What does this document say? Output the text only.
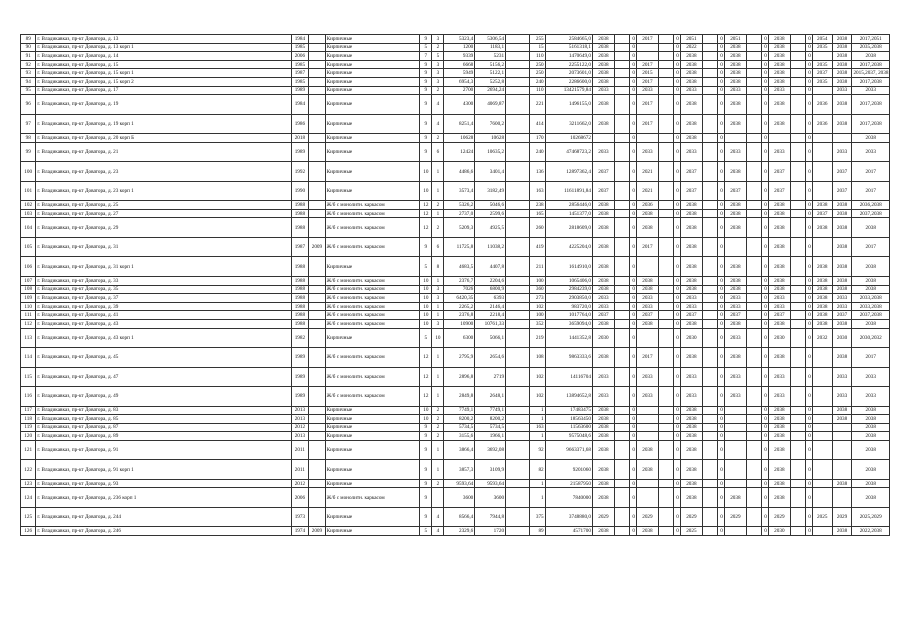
89	г. Владикавказ, пр-кт Доватора, д. 13	1984		Кирпичные	9	3	5323,4	5306,54		255	2584665,0	2038		0	2017		0	2051		0	2051		0	2038		0	2054	2038	2017,2051
90	г. Владикавказ, пр-кт Доватора, д. 13 корп 1	1985		Кирпичные	5	2	1200	1183,1		15	5161318,1	2038		0			0	2022		0	2038		0	2038		0	2035	2038	2035,2038
91	г. Владикавказ, пр-кт Доватора, д. 14	2006		Кирпичные	7	5	9339	5231		110	1470649,0	2038		0			0	2038		0	2038		0	2038		0		2038	2038
92	г. Владикавказ, пр-кт Доватора, д. 15	1985		Кирпичные	9	3	6668	5156,2		250	2255122,0	2038		0	2017		0	2038		0	2038		0	2038		0	2035	2038	2017,2038
93	г. Владикавказ, пр-кт Доватора, д. 15 корп 1	1987		Кирпичные	9	3	5949	5122,1		250	2073601,0	2038		0	2015		0	2038		0	2038		0	2038		0	2037	2038	2015,2037, 2038
94	г. Владикавказ, пр-кт Доватора, д. 15 корп 2	1985		Кирпичные	9	3	6954,3	5252,8		240	2286600,0	2038		0	2017		0	2038		0	2038		0	2038		0	2035	2038	2017,2038
95	г. Владикавказ, пр-кт Доватора, д. 17	1989		Кирпичные	9	2	2700	2694,24		110	13421579,84	2033		0	2033		0	2033		0	2033		0	2033		0		2033	2033
96	г. Владикавказ, пр-кт Доватора, д. 19	1984		Кирпичные	9	4	4300	4069,87		221	1496155,0	2038		0	2017		0	2038		0	2038		0	2038		0	2036	2038	2017,2038
97	г. Владикавказ, пр-кт Доватора, д. 19 корп 1	1986		Кирпичные	9	4	8251,4	7600,2		414	3211662,0	2038		0	2017		0	2038		0	2038		0	2038		0	2036	2038	2017,2038
98	г. Владикавказ, пр-кт Доватора, д. 20 корп Б	2018		Кирпичные	9	2	10628	10628		170	10268672			0			0	2038		0			0			0			2038
99	г. Владикавказ, пр-кт Доватора, д. 21	1989		Кирпичные	9	6	12424	10635,2		240	47468723,2	2033		0	2033		0	2033		0	2033		0	2033		0		2033	2033
100	г. Владикавказ, пр-кт Доватора, д. 23	1992		Кирпичные	10	1	4486,6	3401,4		136	12897362,4	2037		0	2021		0	2037		0	2038		0	2037		0		2037	2017
101	г. Владикавказ, пр-кт Доватора, д. 23 корп 1	1990		Кирпичные	10	1	3573,4	3182,49		163	11611891,84	2037		0	2021		0	2037		0	2037		0	2037		0		2037	2017
102	г. Владикавказ, пр-кт Доватора, д. 25	1988		Ж/б с монолитн. каркасом	12	2	5326,2	5046,6		238	2856446,0	2038		0	2036		0	2038		0	2038		0	2038		0	2038	2038	2036,2038
103	г. Владикавказ, пр-кт Доватора, д. 27	1988		Ж/б с монолитн. каркасом	12	1	2737,0	2599,6		165	1451377,0	2038		0	2038		0	2038		0	2038		0	2038		0	2037	2038	2037,2038
104	г. Владикавказ, пр-кт Доватора, д. 29	1988		Ж/б с монолитн. каркасом	12	2	5209,3	4925,5		260	2818609,0	2038		0	2038		0	2038		0	2038		0	2038		0	2038	2038	2038
105	г. Владикавказ, пр-кт Доватора, д. 31	1987	2009	Ж/б с монолитн. каркасом	9	6	11725,8	11038,2		419	4225204,0	2038		0	2017		0	2038		0			0	2038		0		2038	2017
106	г. Владикавказ, пр-кт Доватора, д. 31 корп 1	1988		Кирпичные	5	8	4683,5	4407,8		211	1614910,0	2038		0			0	2038		0	2038		0	2038		0	2038	2038	2038
107	г. Владикавказ, пр-кт Доватора, д. 33	1988		Ж/б с монолитн. каркасом	10	1	2376,7	2204,6		100	1065406,0	2038		0	2038		0	2038		0	2038		0	2038		0	2038	2038	2038
108	г. Владикавказ, пр-кт Доватора, д. 35	1988		Ж/б с монолитн. каркасом	10	3	7026	6800,9		360	2984239,0	2038		0	2038		0	2038		0	2038		0	2038		0	2038	2038	2038
109	г. Владикавказ, пр-кт Доватора, д. 37	1988		Ж/б с монолитн. каркасом	10	3	6420,35	6393		273	2903850,0	2033		0	2033		0	2033		0	2033		0	2033		0	2038	2033	2033,2038
110	г. Владикавказ, пр-кт Доватора, д. 39	1988		Ж/б с монолитн. каркасом	10	1	2265,2	2146,4		102	983720,0	2033		0	2033		0	2033		0	2033		0	2033		0	2038	2033	2033,2038
111	г. Владикавказ, пр-кт Доватора, д. 41	1988		Ж/б с монолитн. каркасом	10	1	2376,8	2218,4		100	1017764,0	2037		0	2037		0	2037		0	2037		0	2037		0	2038	2037	2037,2038
112	г. Владикавказ, пр-кт Доватора, д. 43	1988		Ж/б с монолитн. каркасом	10	3	10900	10761,33		352	3659094,0	2038		0	2038		0	2038		0	2038		0	2038		0	2038	2038	2038
113	г. Владикавказ, пр-кт Доватора, д. 43 корп 1	1982		Кирпичные	5	10	6300	5066,1		219	1441352,8	2030		0			0	2030		0	2033		0	2030		0	2032	2030	2030,2032
114	г. Владикавказ, пр-кт Доватора, д. 45	1989		Ж/б с монолитн. каркасом	12	1	2795,9	2654,6		108	9863333,6	2038		0	2017		0	2038		0	2038		0	2038		0		2038	2017
115	г. Владикавказ, пр-кт Доватора, д. 47	1989		Ж/б с монолитн. каркасом	12	1	2896,8	2719		102	14116704	2033		0	2033		0	2033		0	2033		0	2033		0		2033	2033
116	г. Владикавказ, пр-кт Доватора, д. 49	1989		Ж/б с монолитн. каркасом	12	1	2849,8	2648,1		102	13894652,8	2033		0	2033		0	2033		0	2033		0	2033		0		2033	2033
117	г. Владикавказ, пр-кт Доватора, д. 83	2013		Кирпичные	10	2	7749,1	7749,1		1	17483475	2038		0			0	2038		0			0	2038		0		2038	2038
118	г. Владикавказ, пр-кт Доватора, д. 85	2013		Кирпичные	10	2	8200,2	8200,2		1	18563450	2038		0			0	2038		0			0	2038		0		2038	2038
119	г. Владикавказ, пр-кт Доватора, д. 87	2012		Кирпичные	9	2	5734,5	5734,5		163	11563600	2038		0			0	2038		0			0	2038		0			2038
120	г. Владикавказ, пр-кт Доватора, д. 89	2013		Кирпичные	9	2	3155,6	1966,1		1	9575048,6	2038		0			0	2038		0			0	2038		0			2038
121	г. Владикавказ, пр-кт Доватора, д. 91	2011		Кирпичные	9	1	3866,4	3692,08		92	9663371,68	2038		0	2038		0	2038		0			0	2038		0			2038
122	г. Владикавказ, пр-кт Доватора, д. 91 корп 1	2011		Кирпичные	9	1	3857,3	3109,9		82	9201060	2038		0	2038		0	2038		0			0	2038		0			2038
123	г. Владикавказ, пр-кт Доватора, д. 93	2012		Кирпичные	9	2	9593,64	9593,64		1	21587950	2038		0			0	2038		0			0	2038		0		2038	2038
124	г. Владикавказ, пр-кт Доватора, д. 236 корп 1	2006		Ж/б с монолитн. каркасом	9		3600	3600		1	7840000	2038		0			0	2038		0	2038		0	2038		0			2038
125	г. Владикавказ, пр-кт Доватора, д. 244	1973		Кирпичные	9	4	8566,4	7944,8		375	3748880,0	2029		0	2029		0	2029		0	2029		0	2029		0	2025	2029	2025,2029
126	г. Владикавказ, пр-кт Доватора, д. 246	1974	2009	Кирпичные	5	4	2329,6	1720		89	4571700	2038		0	2038		0	2025		0			0	2030		0		2038	2022,2038
